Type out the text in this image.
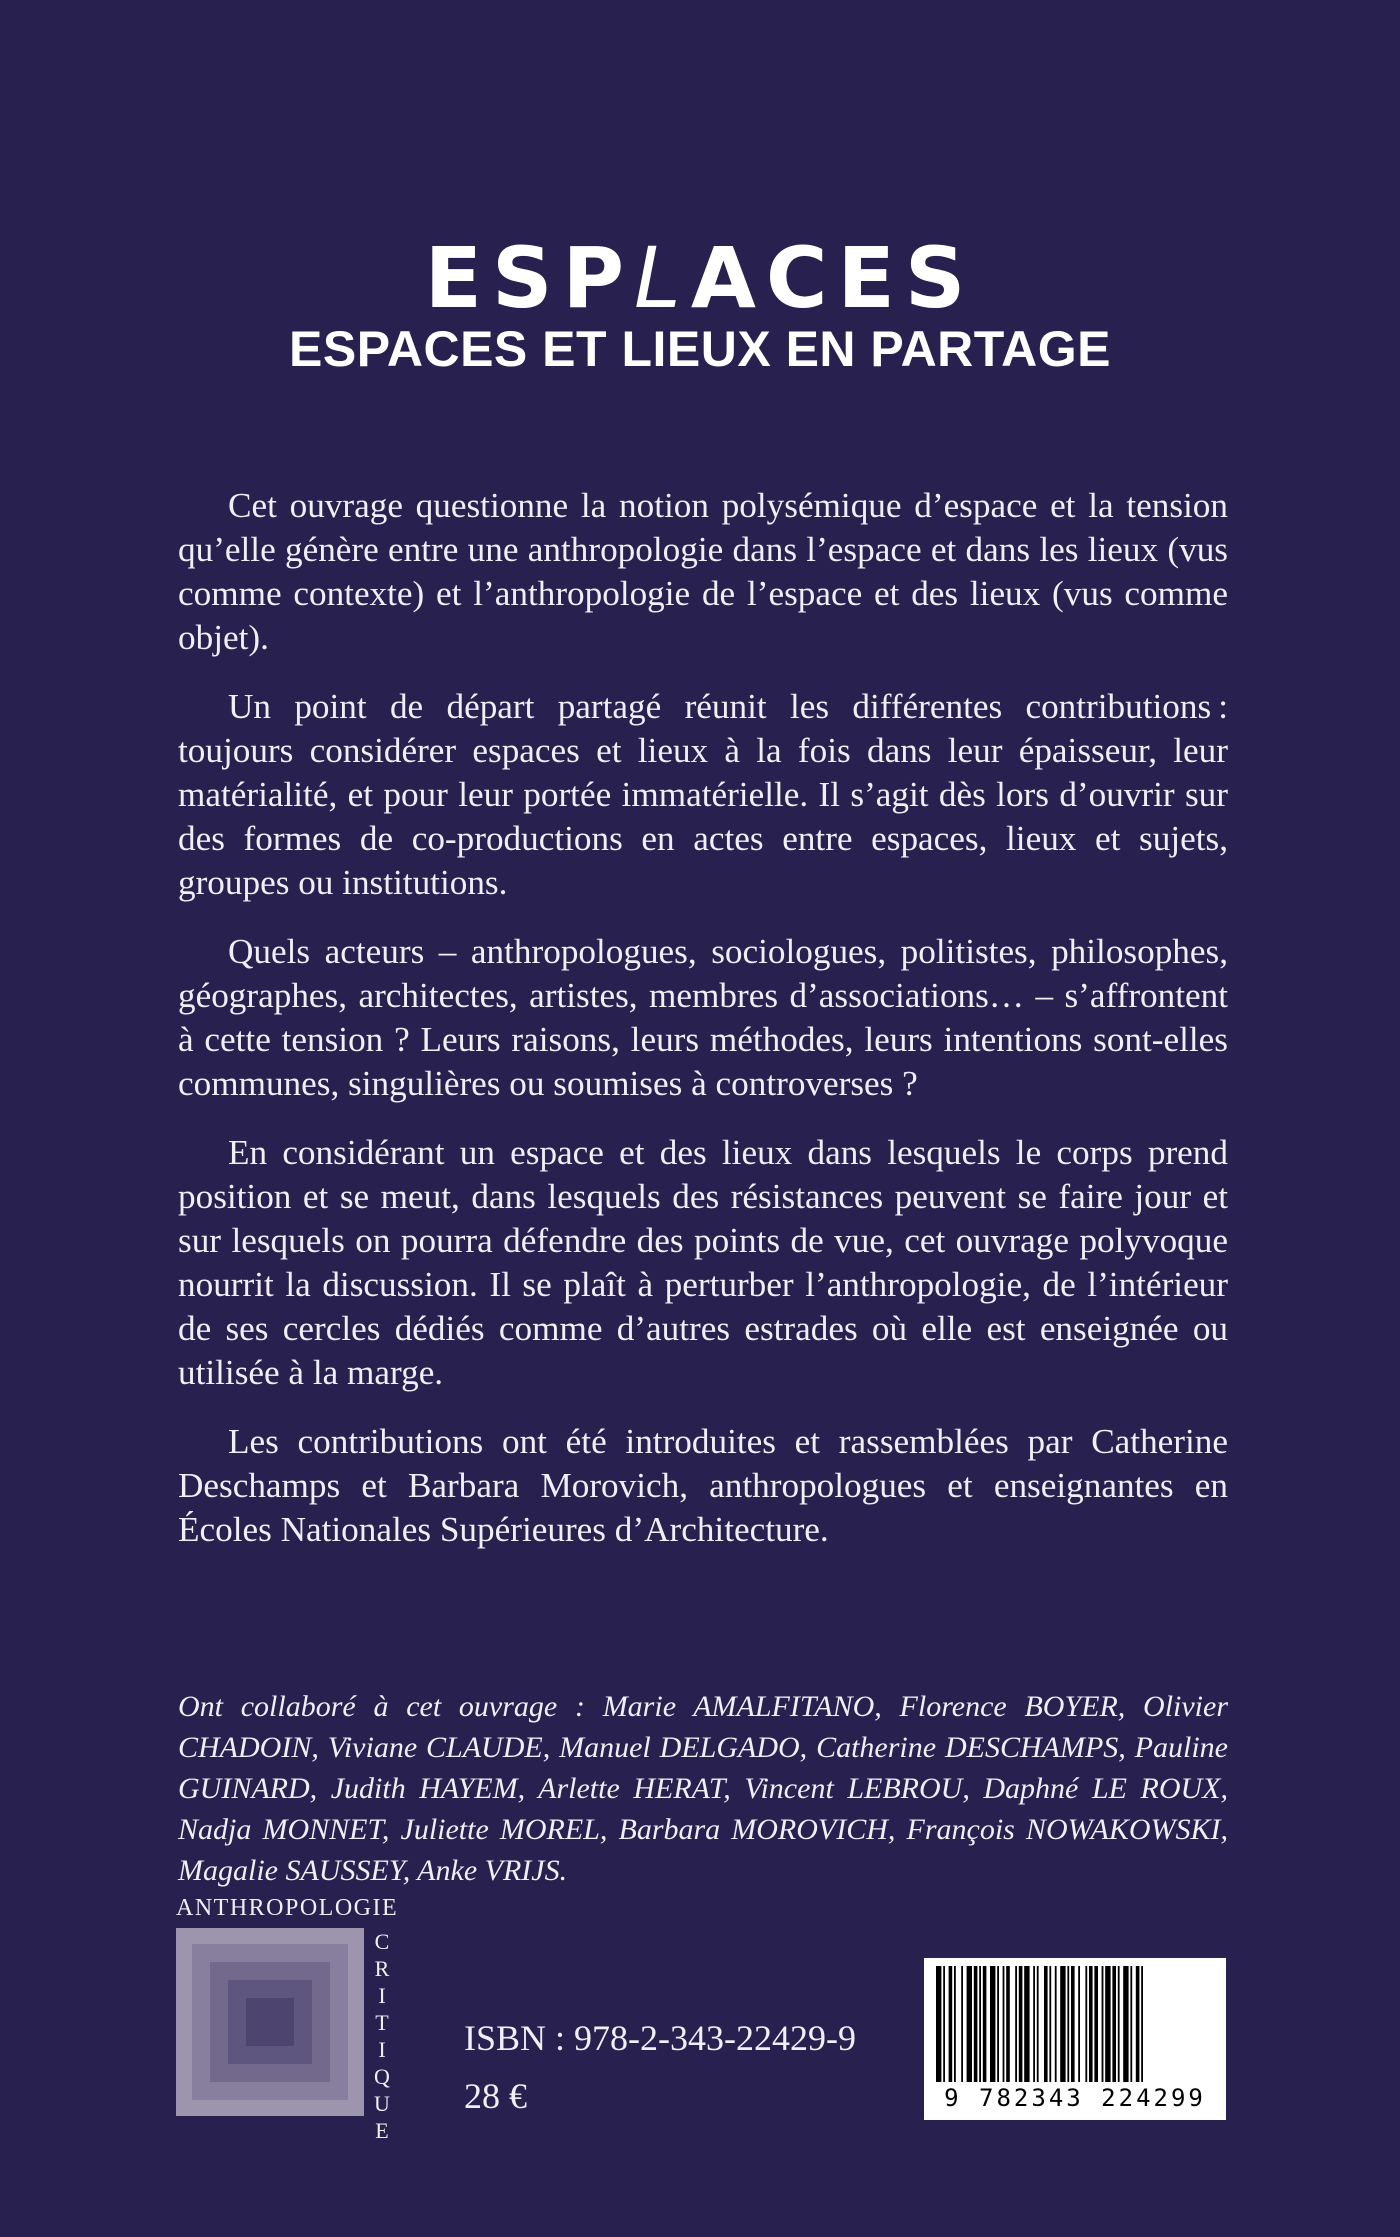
ESPLACES
ESPACES ET LIEUX EN PARTAGE

Cet ouvrage questionne la notion polysémique d’espace et la tension qu’elle génère entre une anthropologie dans l’espace et dans les lieux (vus comme contexte) et l’anthropologie de l’espace et des lieux (vus comme objet).

Un point de départ partagé réunit les différentes contributions : toujours considérer espaces et lieux à la fois dans leur épaisseur, leur matérialité, et pour leur portée immatérielle. Il s’agit dès lors d’ouvrir sur des formes de co-productions en actes entre espaces, lieux et sujets, groupes ou institutions.

Quels acteurs – anthropologues, sociologues, politistes, philosophes, géographes, architectes, artistes, membres d’associations… – s’affrontent à cette tension ? Leurs raisons, leurs méthodes, leurs intentions sont-elles communes, singulières ou soumises à controverses ?

En considérant un espace et des lieux dans lesquels le corps prend position et se meut, dans lesquels des résistances peuvent se faire jour et sur lesquels on pourra défendre des points de vue, cet ouvrage polyvoque nourrit la discussion. Il se plaît à perturber l’anthropologie, de l’intérieur de ses cercles dédiés comme d’autres estrades où elle est enseignée ou utilisée à la marge.

Les contributions ont été introduites et rassemblées par Catherine Deschamps et Barbara Morovich, anthropologues et enseignantes en Écoles Nationales Supérieures d’Architecture.

Ont collaboré à cet ouvrage : Marie AMALFITANO, Florence BOYER, Olivier CHADOIN, Viviane CLAUDE, Manuel DELGADO, Catherine DESCHAMPS, Pauline GUINARD, Judith HAYEM, Arlette HERAT, Vincent LEBROU, Daphné LE ROUX, Nadja MONNET, Juliette MOREL, Barbara MOROVICH, François NOWAKOWSKI, Magalie SAUSSEY, Anke VRIJS.

ANTHROPOLOGIE
C
R
I
T
I
Q
U
E
ISBN : 978-2-343-22429-9
28 €	9 782343 224299
